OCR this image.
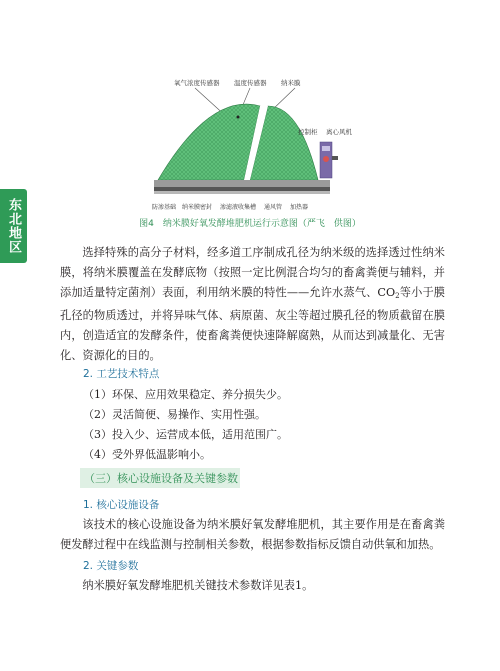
东北地区
氧气浓度传感器 温度传感器 纳米膜
控制柜 离心风机
防渗基础 纳米膜密封 渗滤液收集槽 通风管 加热器
图4　纳米膜好氧发酵堆肥机运行示意图（严飞　供图）

选择特殊的高分子材料，经多道工序制成孔径为纳米级的选择透过性纳米膜，将纳米膜覆盖在发酵底物（按照一定比例混合均匀的畜禽粪便与辅料，并添加适量特定菌剂）表面，利用纳米膜的特性——允许水蒸气、$CO_2$等小于膜孔径的物质透过，并将异味气体、病原菌、灰尘等超过膜孔径的物质截留在膜内，创造适宜的发酵条件，使畜禽粪便快速降解腐熟，从而达到减量化、无害化、资源化的目的。

2. 工艺技术特点
（1）环保、应用效果稳定、养分损失少。
（2）灵活简便、易操作、实用性强。
（3）投入少、运营成本低，适用范围广。
（4）受外界低温影响小。
（三）核心设施设备及关键参数
1. 核心设施设备

该技术的核心设施设备为纳米膜好氧发酵堆肥机，其主要作用是在畜禽粪便发酵过程中在线监测与控制相关参数，根据参数指标反馈自动供氧和加热。

2. 关键参数

纳米膜好氧发酵堆肥机关键技术参数详见表1。
